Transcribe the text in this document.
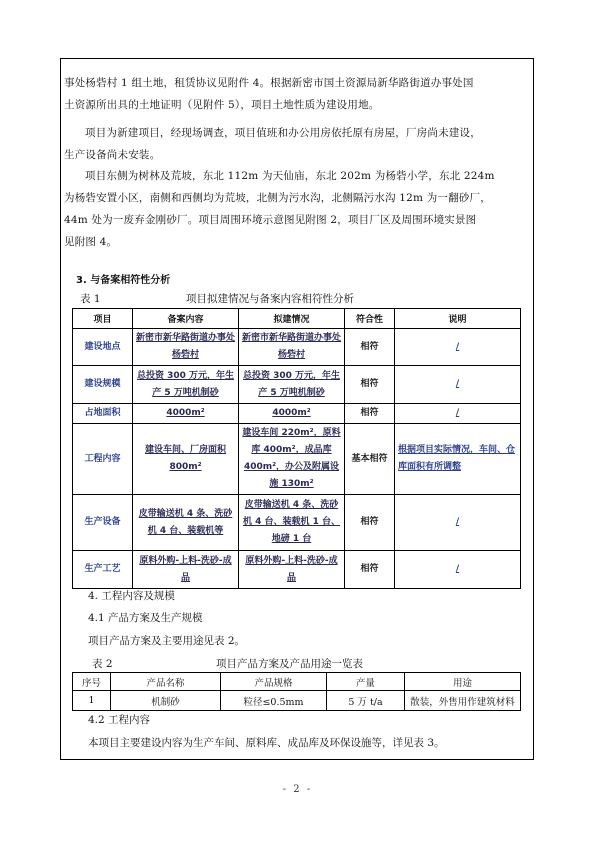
事处杨砦村 1 组土地，租赁协议见附件 4。根据新密市国土资源局新华路街道办事处国
土资源所出具的土地证明（见附件 5），项目土地性质为建设用地。
项目为新建项目，经现场调查，项目值班和办公用房依托原有房屋，厂房尚未建设，
生产设备尚未安装。
项目东侧为树林及荒坡，东北 112m 为天仙庙，东北 202m 为杨砦小学，东北 224m
为杨砦安置小区，南侧和西侧均为荒坡，北侧为污水沟，北侧隔污水沟 12m 为一翻砂厂，
44m 处为一废弃金刚砂厂。项目周围环境示意图见附图 2，项目厂区及周围环境实景图
见附图 4。
3. 与备案相符性分析
表 1	项目拟建情况与备案内容相符性分析
项目	备案内容	拟建情况	符合性	说明
建设地点	新密市新华路街道办事处杨砦村	新密市新华路街道办事处杨砦村	相符	/
建设规模	总投资 300 万元，年生产 5 万吨机制砂	总投资 300 万元，年生产 5 万吨机制砂	相符	/
占地面积	4000m²	4000m²	相符	/
工程内容	建设车间、厂房面积 800m²	建设车间 220m²，原料库 400m²，成品库 400m²，办公及附属设施 130m²	基本相符	根据项目实际情况，车间、仓库面积有所调整
生产设备	皮带输送机 4 条、洗砂机 4 台、装载机等	皮带输送机 4 条、洗砂机 4 台、装载机 1 台、地磅 1 台	相符	/
生产工艺	原料外购-上料-洗砂-成品	原料外购-上料-洗砂-成品	相符	/
4. 工程内容及规模
4.1 产品方案及生产规模
项目产品方案及主要用途见表 2。
表 2	项目产品方案及产品用途一览表
序号	产品名称	产品规格	产量	用途
1	机制砂	粒径≤0.5mm	5 万 t/a	散装，外售用作建筑材料
4.2 工程内容
本项目主要建设内容为生产车间、原料库、成品库及环保设施等，详见表 3。
- 2 -
